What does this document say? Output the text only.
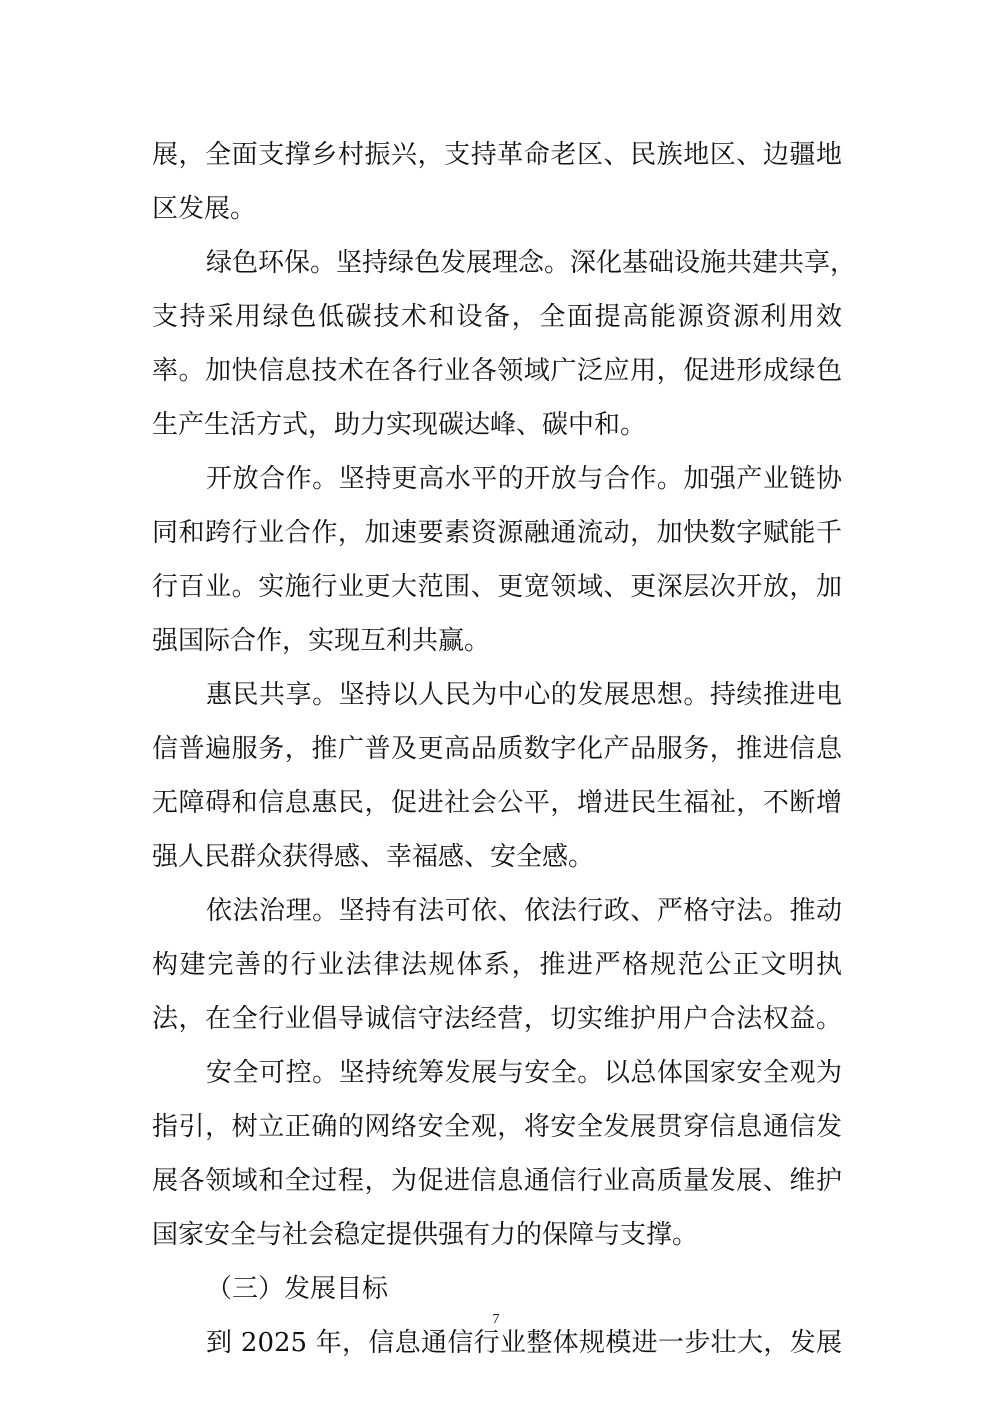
展，全面支撑乡村振兴，支持革命老区、民族地区、边疆地
区发展。
绿色环保。坚持绿色发展理念。深化基础设施共建共享，
支持采用绿色低碳技术和设备，全面提高能源资源利用效
率。加快信息技术在各行业各领域广泛应用，促进形成绿色
生产生活方式，助力实现碳达峰、碳中和。
开放合作。坚持更高水平的开放与合作。加强产业链协
同和跨行业合作，加速要素资源融通流动，加快数字赋能千
行百业。实施行业更大范围、更宽领域、更深层次开放，加
强国际合作，实现互利共赢。
惠民共享。坚持以人民为中心的发展思想。持续推进电
信普遍服务，推广普及更高品质数字化产品服务，推进信息
无障碍和信息惠民，促进社会公平，增进民生福祉，不断增
强人民群众获得感、幸福感、安全感。
依法治理。坚持有法可依、依法行政、严格守法。推动
构建完善的行业法律法规体系，推进严格规范公正文明执
法，在全行业倡导诚信守法经营，切实维护用户合法权益。
安全可控。坚持统筹发展与安全。以总体国家安全观为
指引，树立正确的网络安全观，将安全发展贯穿信息通信发
展各领域和全过程，为促进信息通信行业高质量发展、维护
国家安全与社会稳定提供强有力的保障与支撑。
（三）发展目标
到 2025 年，信息通信行业整体规模进一步壮大，发展
7
